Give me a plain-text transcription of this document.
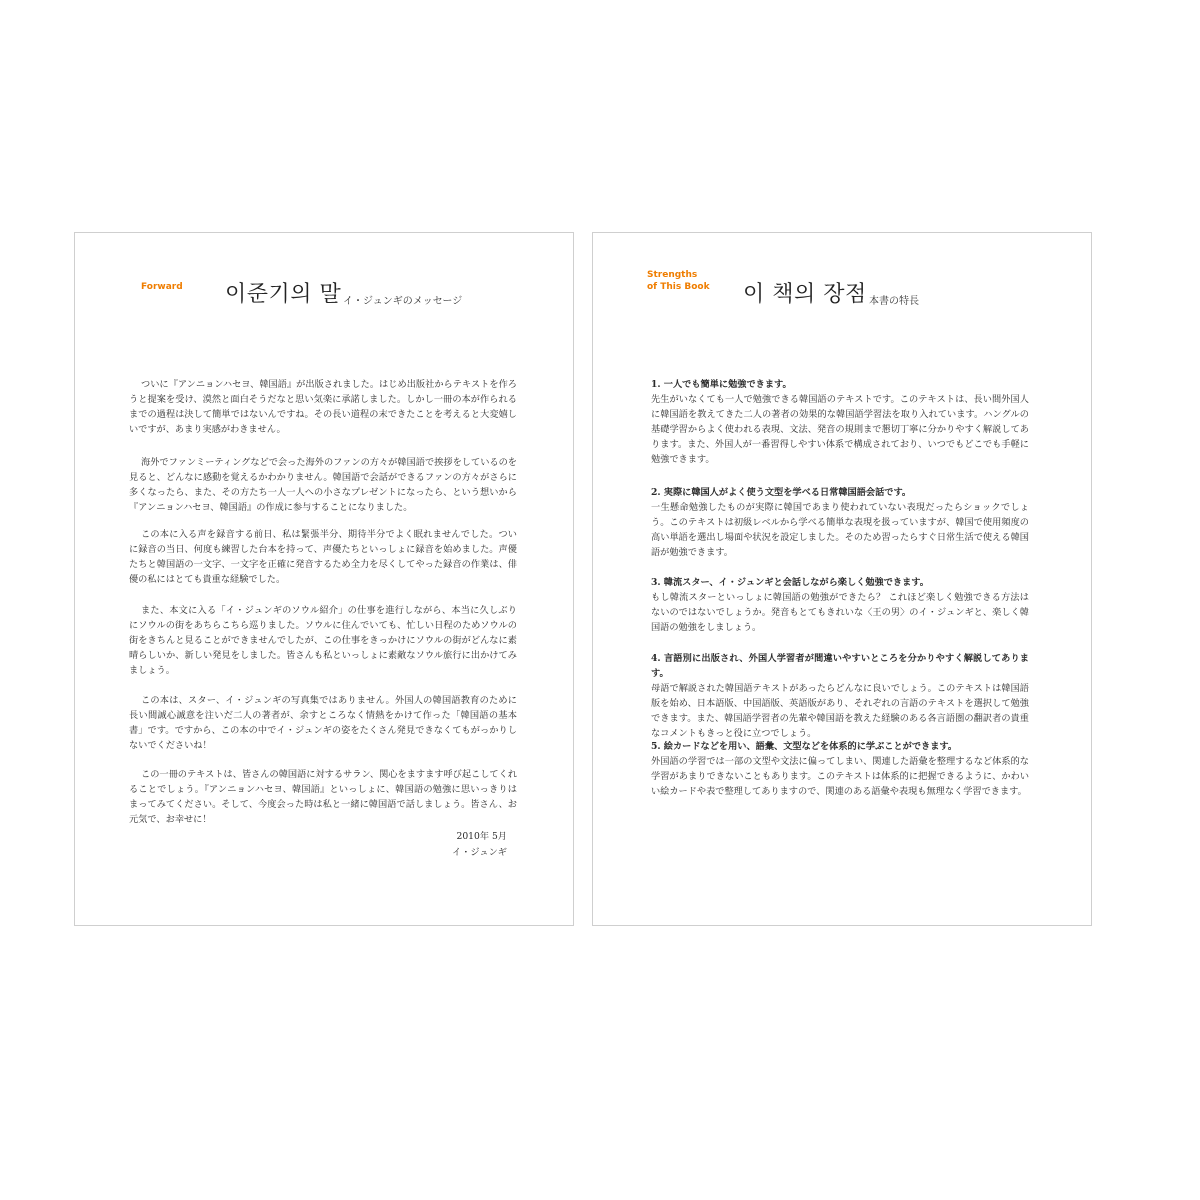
Forward 이준기의 말 イ・ジュンギのメッセージ

ついに『アンニョンハセヨ、韓国語』が出版されました。はじめ出版社からテキストを作ろうと提案を受け、漠然と面白そうだなと思い気楽に承諾しました。しかし一冊の本が作られるまでの過程は決して簡単ではないんですね。その長い道程の末できたことを考えると大変嬉しいですが、あまり実感がわきません。

海外でファンミーティングなどで会った海外のファンの方々が韓国語で挨拶をしているのを見ると、どんなに感動を覚えるかわかりません。韓国語で会話ができるファンの方々がさらに多くなったら、また、その方たち一人一人への小さなプレゼントになったら、という想いから『アンニョンハセヨ、韓国語』の作成に参与することになりました。

この本に入る声を録音する前日、私は緊張半分、期待半分でよく眠れませんでした。ついに録音の当日、何度も練習した台本を持って、声優たちといっしょに録音を始めました。声優たちと韓国語の一文字、一文字を正確に発音するため全力を尽くしてやった録音の作業は、俳優の私にはとても貴重な経験でした。

また、本文に入る「イ・ジュンギのソウル紹介」の仕事を進行しながら、本当に久しぶりにソウルの街をあちらこちら巡りました。ソウルに住んでいても、忙しい日程のためソウルの街をきちんと見ることができませんでしたが、この仕事をきっかけにソウルの街がどんなに素晴らしいか、新しい発見をしました。皆さんも私といっしょに素敵なソウル旅行に出かけてみましょう。

この本は、スター、イ・ジュンギの写真集ではありません。外国人の韓国語教育のために長い間誠心誠意を注いだ二人の著者が、余すところなく情熱をかけて作った「韓国語の基本書」です。ですから、この本の中でイ・ジュンギの姿をたくさん発見できなくてもがっかりしないでくださいね！

この一冊のテキストは、皆さんの韓国語に対するサラン、関心をますます呼び起こしてくれることでしょう。『アンニョンハセヨ、韓国語』といっしょに、韓国語の勉強に思いっきりはまってみてください。そして、今度会った時は私と一緒に韓国語で話しましょう。皆さん、お元気で、お幸せに！

2010年 5月
イ・ジュンギ
Strengths
of This Book 이 책의 장점 本書の特長
1. 一人でも簡単に勉強できます。
先生がいなくても一人で勉強できる韓国語のテキストです。このテキストは、長い間外国人に韓国語を教えてきた二人の著者の効果的な韓国語学習法を取り入れています。ハングルの基礎学習からよく使われる表現、文法、発音の規則まで懇切丁寧に分かりやすく解説してあります。また、外国人が一番習得しやすい体系で構成されており、いつでもどこでも手軽に勉強できます。
2. 実際に韓国人がよく使う文型を学べる日常韓国語会話です。
一生懸命勉強したものが実際に韓国であまり使われていない表現だったらショックでしょう。このテキストは初級レベルから学べる簡単な表現を扱っていますが、韓国で使用頻度の高い単語を選出し場面や状況を設定しました。そのため習ったらすぐ日常生活で使える韓国語が勉強できます。
3. 韓流スター、イ・ジュンギと会話しながら楽しく勉強できます。
もし韓流スターといっしょに韓国語の勉強ができたら？ これほど楽しく勉強できる方法はないのではないでしょうか。発音もとてもきれいな〈王の男〉のイ・ジュンギと、楽しく韓国語の勉強をしましょう。
4. 言語別に出版され、外国人学習者が間違いやすいところを分かりやすく解説してあります。
母語で解説された韓国語テキストがあったらどんなに良いでしょう。このテキストは韓国語版を始め、日本語版、中国語版、英語版があり、それぞれの言語のテキストを選択して勉強できます。また、韓国語学習者の先輩や韓国語を教えた経験のある各言語圏の翻訳者の貴重なコメントもきっと役に立つでしょう。
5. 絵カードなどを用い、語彙、文型などを体系的に学ぶことができます。
外国語の学習では一部の文型や文法に偏ってしまい、関連した語彙を整理するなど体系的な学習があまりできないこともあります。このテキストは体系的に把握できるように、かわいい絵カードや表で整理してありますので、関連のある語彙や表現も無理なく学習できます。
